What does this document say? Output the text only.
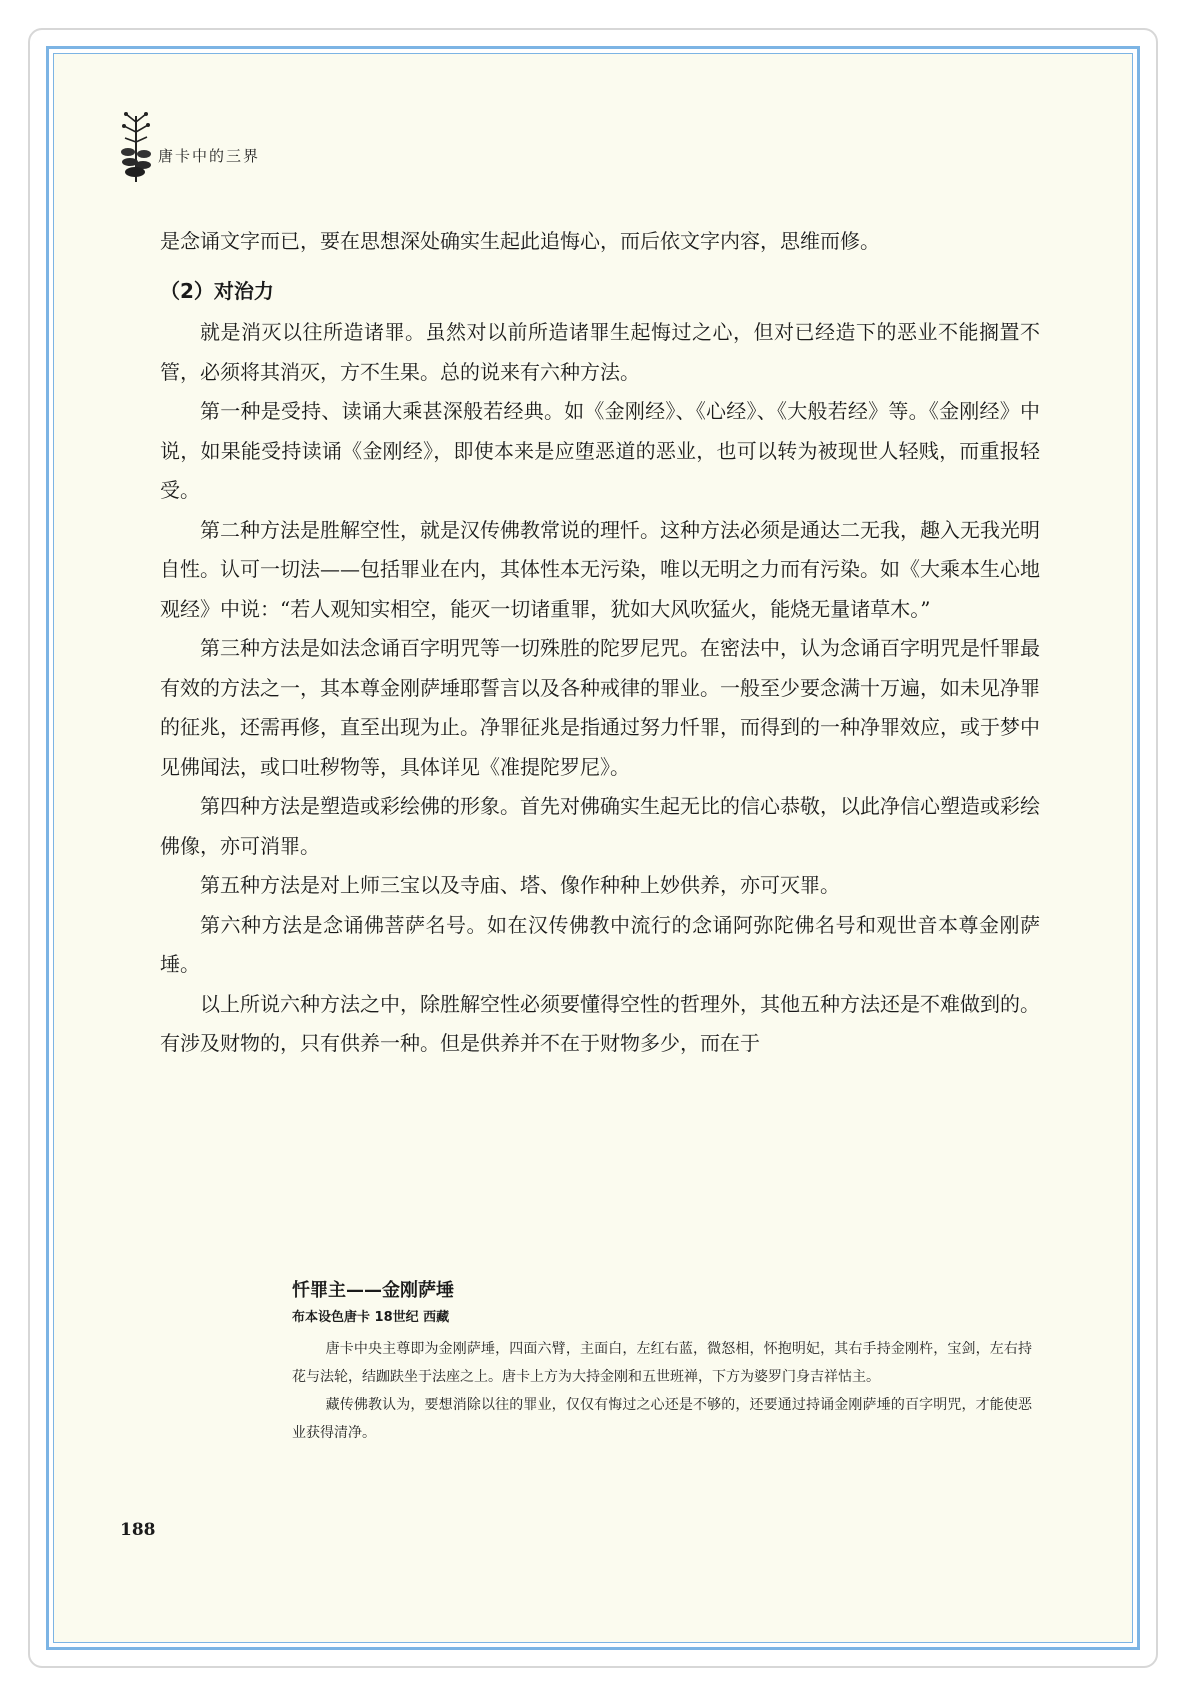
唐卡中的三界

是念诵文字而已，要在思想深处确实生起此追悔心，而后依文字内容，思维而修。

（2）对治力

就是消灭以往所造诸罪。虽然对以前所造诸罪生起悔过之心，但对已经造下的恶业不能搁置不管，必须将其消灭，方不生果。总的说来有六种方法。

第一种是受持、读诵大乘甚深般若经典。如《金刚经》、《心经》、《大般若经》等。《金刚经》中说，如果能受持读诵《金刚经》，即使本来是应堕恶道的恶业，也可以转为被现世人轻贱，而重报轻受。

第二种方法是胜解空性，就是汉传佛教常说的理忏。这种方法必须是通达二无我，趣入无我光明自性。认可一切法——包括罪业在内，其体性本无污染，唯以无明之力而有污染。如《大乘本生心地观经》中说：“若人观知实相空，能灭一切诸重罪，犹如大风吹猛火，能烧无量诸草木。”

第三种方法是如法念诵百字明咒等一切殊胜的陀罗尼咒。在密法中，认为念诵百字明咒是忏罪最有效的方法之一，其本尊金刚萨埵耶誓言以及各种戒律的罪业。一般至少要念满十万遍，如未见净罪的征兆，还需再修，直至出现为止。净罪征兆是指通过努力忏罪，而得到的一种净罪效应，或于梦中见佛闻法，或口吐秽物等，具体详见《准提陀罗尼》。

第四种方法是塑造或彩绘佛的形象。首先对佛确实生起无比的信心恭敬，以此净信心塑造或彩绘佛像，亦可消罪。

第五种方法是对上师三宝以及寺庙、塔、像作种种上妙供养，亦可灭罪。

第六种方法是念诵佛菩萨名号。如在汉传佛教中流行的念诵阿弥陀佛名号和观世音本尊金刚萨埵。

以上所说六种方法之中，除胜解空性必须要懂得空性的哲理外，其他五种方法还是不难做到的。有涉及财物的，只有供养一种。但是供养并不在于财物多少，而在于

忏罪主——金刚萨埵
布本设色唐卡 18世纪 西藏

唐卡中央主尊即为金刚萨埵，四面六臂，主面白，左红右蓝，微怒相，怀抱明妃，其右手持金刚杵，宝剑，左右持花与法轮，结跏趺坐于法座之上。唐卡上方为大持金刚和五世班禅，下方为婆罗门身吉祥怙主。

藏传佛教认为，要想消除以往的罪业，仅仅有悔过之心还是不够的，还要通过持诵金刚萨埵的百字明咒，才能使恶业获得清净。

188
